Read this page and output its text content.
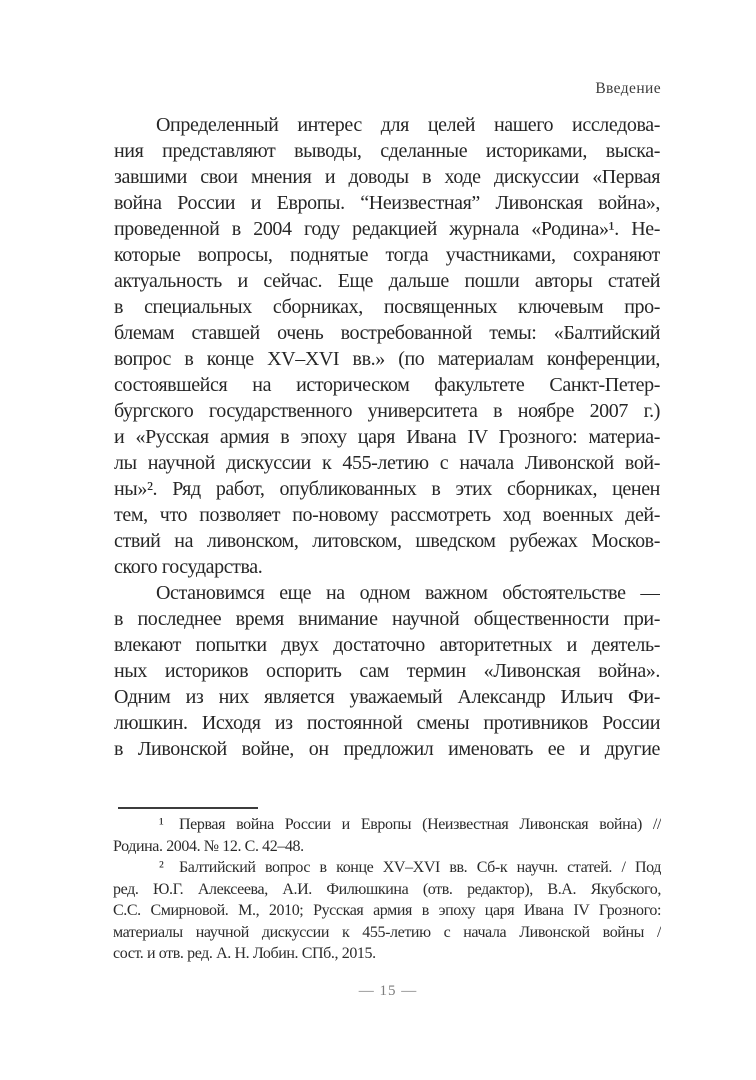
Введение
Определенный интерес для целей нашего исследова-
ния представляют выводы, сделанные историками, выска-
завшими свои мнения и доводы в ходе дискуссии «Первая
война России и Европы. “Неизвестная” Ливонская война»,
проведенной в 2004 году редакцией журнала «Родина»¹. Не-
которые вопросы, поднятые тогда участниками, сохраняют
актуальность и сейчас. Еще дальше пошли авторы статей
в специальных сборниках, посвященных ключевым про-
блемам ставшей очень востребованной темы: «Балтийский
вопрос в конце XV–XVI вв.» (по материалам конференции,
состоявшейся на историческом факультете Санкт-Петер-
бургского государственного университета в ноябре 2007 г.)
и «Русская армия в эпоху царя Ивана IV Грозного: материа-
лы научной дискуссии к 455-летию с начала Ливонской вой-
ны»². Ряд работ, опубликованных в этих сборниках, ценен
тем, что позволяет по-новому рассмотреть ход военных дей-
ствий на ливонском, литовском, шведском рубежах Москов-
ского государства.
Остановимся еще на одном важном обстоятельстве —
в последнее время внимание научной общественности при-
влекают попытки двух достаточно авторитетных и деятель-
ных историков оспорить сам термин «Ливонская война».
Одним из них является уважаемый Александр Ильич Фи-
люшкин. Исходя из постоянной смены противников России
в Ливонской войне, он предложил именовать ее и другие
¹ Первая война России и Европы (Неизвестная Ливонская война) //
Родина. 2004. № 12. С. 42–48.
² Балтийский вопрос в конце XV–XVI вв. Сб-к научн. статей. / Под
ред. Ю.Г. Алексеева, А.И. Филюшкина (отв. редактор), В.А. Якубского,
С.С. Смирновой. М., 2010; Русская армия в эпоху царя Ивана IV Грозного:
материалы научной дискуссии к 455-летию с начала Ливонской войны /
сост. и отв. ред. А. Н. Лобин. СПб., 2015.
— 15 —
